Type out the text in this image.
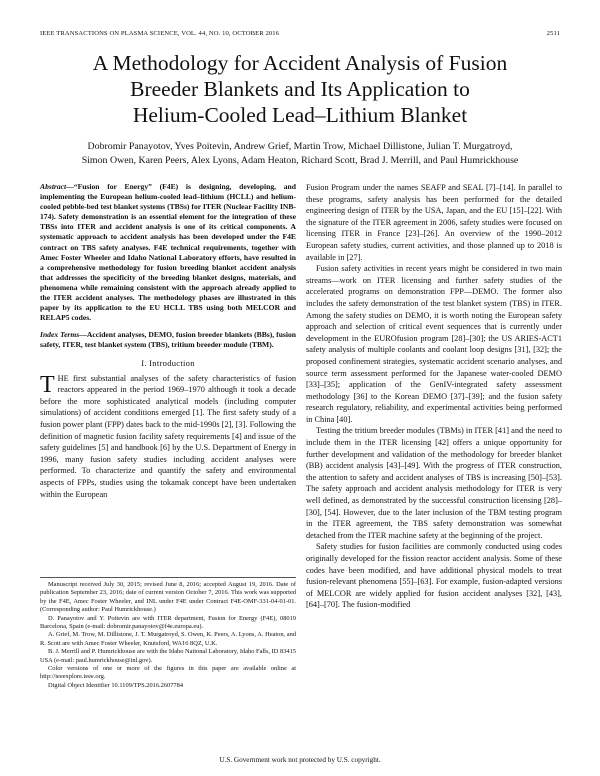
IEEE TRANSACTIONS ON PLASMA SCIENCE, VOL. 44, NO. 10, OCTOBER 2016	2511
A Methodology for Accident Analysis of Fusion
Breeder Blankets and Its Application to
Helium-Cooled Lead–Lithium Blanket
Dobromir Panayotov, Yves Poitevin, Andrew Grief, Martin Trow, Michael Dillistone, Julian T. Murgatroyd,
Simon Owen, Karen Peers, Alex Lyons, Adam Heaton, Richard Scott, Brad J. Merrill, and Paul Humrickhouse

Abstract—“Fusion for Energy” (F4E) is designing, developing, and implementing the European helium-cooled lead–lithium (HCLL) and helium-cooled pebble-bed test blanket systems (TBSs) for ITER (Nuclear Facility INB-174). Safety demonstration is an essential element for the integration of these TBSs into ITER and accident analysis is one of its critical components. A systematic approach to accident analysis has been developed under the F4E contract on TBS safety analyses. F4E technical requirements, together with Amec Foster Wheeler and Idaho National Laboratory efforts, have resulted in a comprehensive methodology for fusion breeding blanket accident analysis that addresses the specificity of the breeding blanket designs, materials, and phenomena while remaining consistent with the approach already applied to the ITER accident analyses. The methodology phases are illustrated in this paper by its application to the EU HCLL TBS using both MELCOR and RELAP5 codes.

Index Terms—Accident analyses, DEMO, fusion breeder blankets (BBs), fusion safety, ITER, test blanket system (TBS), tritium breeder module (TBM).

I. Introduction

THE first substantial analyses of the safety characteristics of fusion reactors appeared in the period 1969–1970 although it took a decade before the more sophisticated analytical models (including computer simulations) of accident conditions emerged [1]. The first safety study of a fusion power plant (FPP) dates back to the mid-1990s [2], [3]. Following the definition of magnetic fusion facility safety requirements [4] and issue of the safety guidelines [5] and handbook [6] by the U.S. Department of Energy in 1996, many fusion safety studies including accident analyses were performed. To characterize and quantify the safety and environmental aspects of FPPs, studies using the tokamak concept have been undertaken within the European

Manuscript received July 30, 2015; revised June 8, 2016; accepted August 19, 2016. Date of publication September 23, 2016; date of current version October 7, 2016. This work was supported by the F4E, Amec Foster Wheeler, and INL under F4E under Contract F4E-OMF-331-04-01-01. (Corresponding author: Paul Humrickhouse.)

D. Panayotov and Y. Poitevin are with ITER department, Fusion for Energy (F4E), 08019 Barcelona, Spain (e-mail: dobromir.panayotov@f4e.europa.eu).

A. Grief, M. Trow, M. Dillistone, J. T. Murgatroyd, S. Owen, K. Peers, A. Lyons, A. Heaton, and R. Scott are with Amec Foster Wheeler, Knutsford, WA16 8QZ, U.K.

B. J. Merrill and P. Humrickhouse are with the Idaho National Laboratory, Idaho Falls, ID 83415 USA (e-mail: paul.humrickhouse@inl.gov).

Color versions of one or more of the figures in this paper are available online at http://ieeexplore.ieee.org.

Digital Object Identifier 10.1109/TPS.2016.2607784

Fusion Program under the names SEAFP and SEAL [7]–[14]. In parallel to these programs, safety analysis has been performed for the detailed engineering design of ITER by the USA, Japan, and the EU [15]–[22]. With the signature of the ITER agreement in 2006, safety studies were focused on licensing ITER in France [23]–[26]. An overview of the 1990–2012 European safety studies, current activities, and those planned up to 2018 is available in [27].

Fusion safety activities in recent years might be considered in two main streams—work on ITER licensing and further safety studies of the accelerated programs on demonstration FPP—DEMO. The former also includes the safety demonstration of the test blanket system (TBS) in ITER. Among the safety studies on DEMO, it is worth noting the European safety approach and selection of critical event sequences that is currently under development in the EUROfusion program [28]–[30]; the US ARIES-ACT1 safety analysis of multiple coolants and coolant loop designs [31], [32]; the proposed confinement strategies, systematic accident scenario analyses, and source term assessment performed for the Japanese water-cooled DEMO [33]–[35]; application of the GenIV-integrated safety assessment methodology [36] to the Korean DEMO [37]–[39]; and the fusion safety research regulatory, reliability, and experimental activities being performed in China [40].

Testing the tritium breeder modules (TBMs) in ITER [41] and the need to include them in the ITER licensing [42] offers a unique opportunity for further development and validation of the methodology for breeder blanket (BB) accident analysis [43]–[49]. With the progress of ITER construction, the attention to safety and accident analyses of TBS is increasing [50]–[53]. The safety approach and accident analysis methodology for ITER is very well defined, as demonstrated by the successful construction licensing [28]–[30], [54]. However, due to the later inclusion of the TBM testing program in the ITER agreement, the TBS safety demonstration was somewhat detached from the ITER machine safety at the beginning of the project.

Safety studies for fusion facilities are commonly conducted using codes originally developed for the fission reactor accident analysis. Some of these codes have been modified, and have additional physical models to treat fusion-relevant phenomena [55]–[63]. For example, fusion-adapted versions of MELCOR are widely applied for fusion accident analyses [32], [43], [64]–[70]. The fusion-modified

U.S. Government work not protected by U.S. copyright.
